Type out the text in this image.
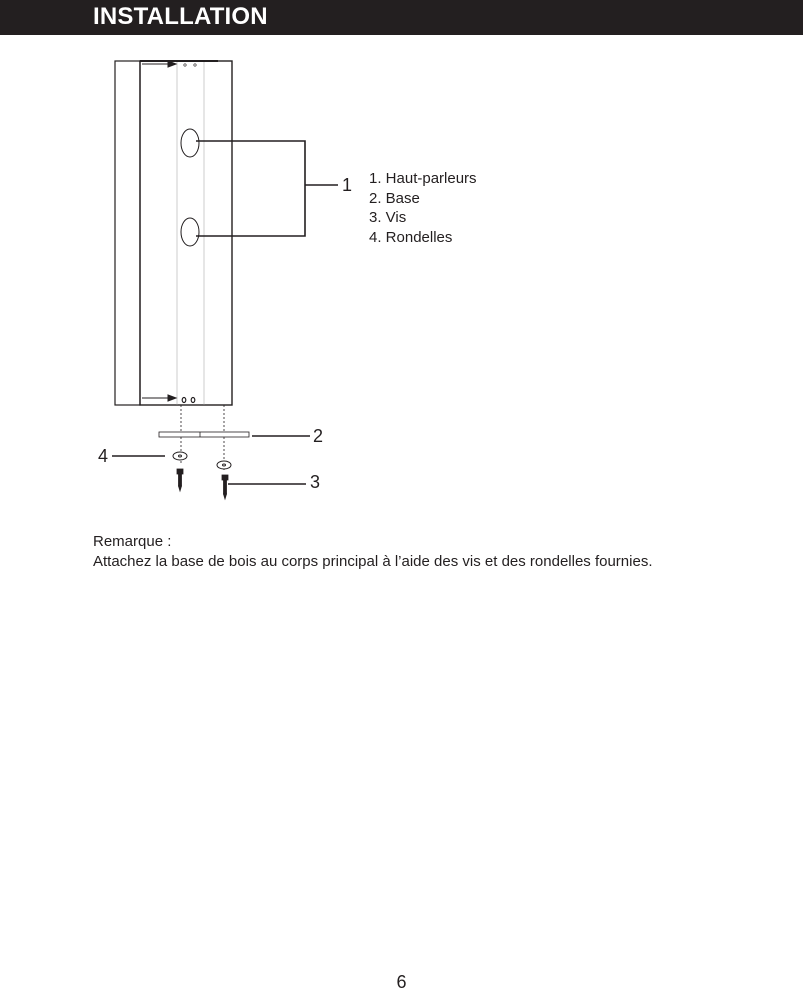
INSTALLATION
1
2
3
4
1. Haut-parleurs
2. Base
3. Vis
4. Rondelles

Remarque :

Attachez la base de bois au corps principal à l’aide des vis et des rondelles fournies.

6
